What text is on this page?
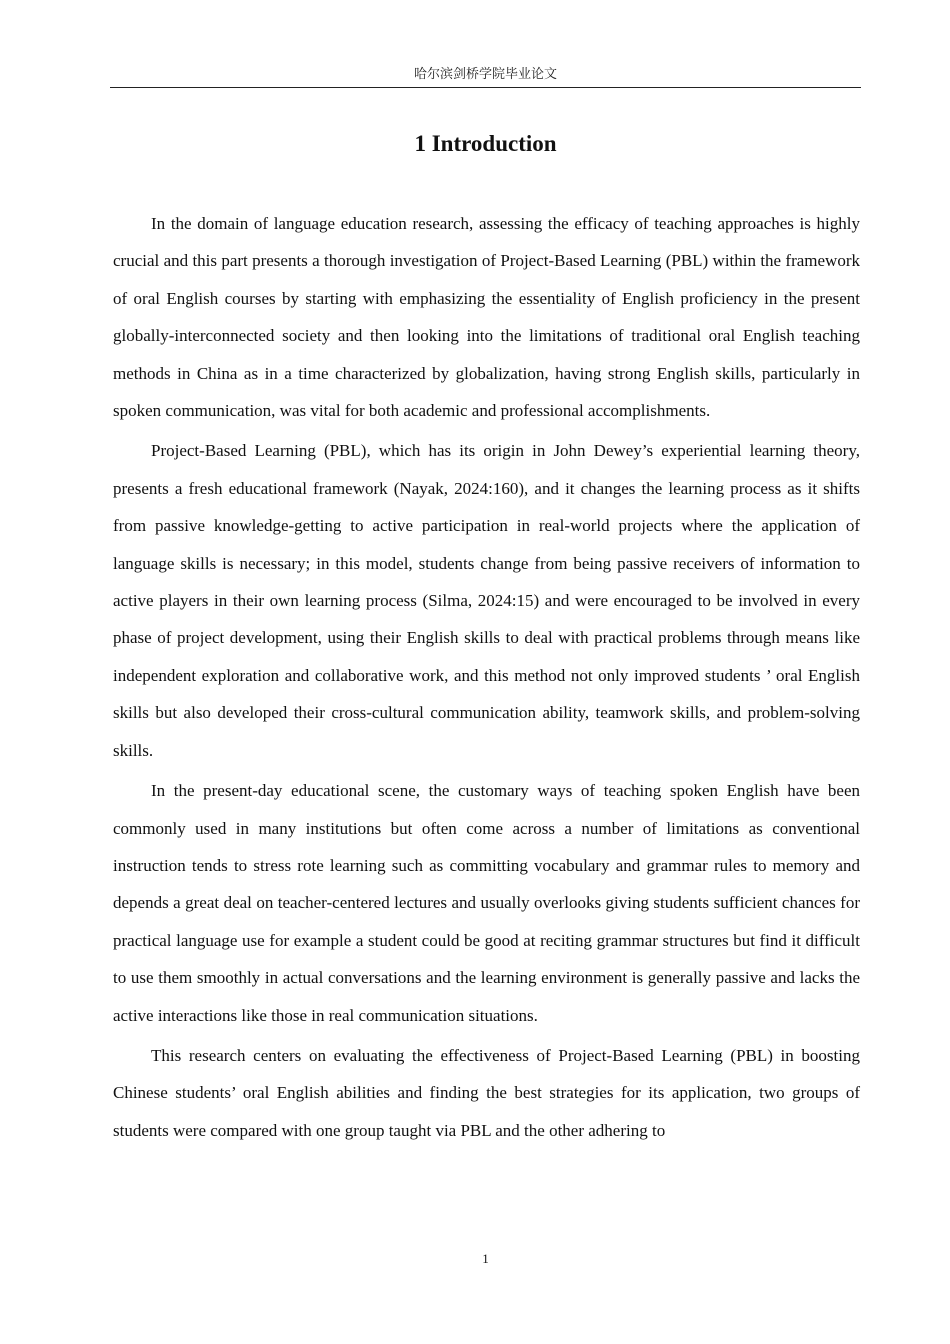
哈尔滨剑桥学院毕业论文
1 Introduction

In the domain of language education research, assessing the efficacy of teaching approaches is highly crucial and this part presents a thorough investigation of Project-Based Learning (PBL) within the framework of oral English courses by starting with emphasizing the essentiality of English proficiency in the present globally-interconnected society and then looking into the limitations of traditional oral English teaching methods in China as in a time characterized by globalization, having strong English skills, particularly in spoken communication, was vital for both academic and professional accomplishments.

Project-Based Learning (PBL), which has its origin in John Dewey’s experiential learning theory, presents a fresh educational framework (Nayak, 2024:160), and it changes the learning process as it shifts from passive knowledge-getting to active participation in real-world projects where the application of language skills is necessary; in this model, students change from being passive receivers of information to active players in their own learning process (Silma, 2024:15) and were encouraged to be involved in every phase of project development, using their English skills to deal with practical problems through means like independent exploration and collaborative work, and this method not only improved students ’ oral English skills but also developed their cross-cultural communication ability, teamwork skills, and problem-solving skills.

In the present-day educational scene, the customary ways of teaching spoken English have been commonly used in many institutions but often come across a number of limitations as conventional instruction tends to stress rote learning such as committing vocabulary and grammar rules to memory and depends a great deal on teacher-centered lectures and usually overlooks giving students sufficient chances for practical language use for example a student could be good at reciting grammar structures but find it difficult to use them smoothly in actual conversations and the learning environment is generally passive and lacks the active interactions like those in real communication situations.

This research centers on evaluating the effectiveness of Project-Based Learning (PBL) in boosting Chinese students’ oral English abilities and finding the best strategies for its application, two groups of students were compared with one group taught via PBL and the other adhering to

1
